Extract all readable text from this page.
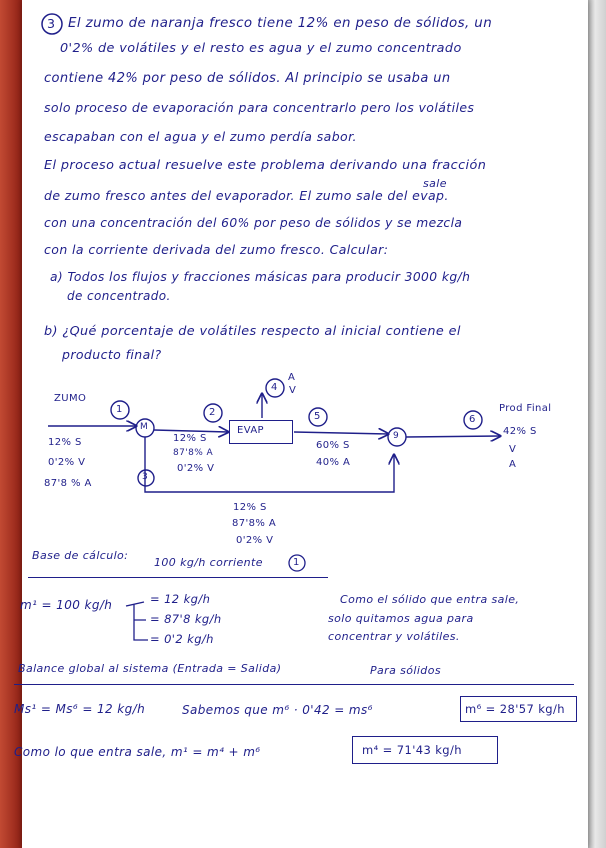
3 El zumo de naranja fresco tiene 12% en peso de sólidos, un
0'2% de volátiles y el resto es agua y el zumo concentrado
contiene 42% por peso de sólidos. Al principio se usaba un
solo proceso de evaporación para concentrarlo pero los volátiles
escapaban con el agua y el zumo perdía sabor.
El proceso actual resuelve este problema derivando una fracción
sale
de zumo fresco antes del evaporador. El zumo sale del evap.
con una concentración del 60% por peso de sólidos y se mezcla
con la corriente derivada del zumo fresco. Calcular:
a) Todos los flujos y fracciones másicas para producir 3000 kg/h
de concentrado.
b) ¿Qué porcentaje de volátiles respecto al inicial contiene el
producto final?
EVAP
M
9
1	2
4
5	6
3
ZUMO
12% S
0'2% V
87'8 % A
12% S
87'8% A
0'2% V
A
V
60% S
40% A
12% S
87'8% A
0'2% V
Prod Final
42% S
V
A
Base de cálculo:
100 kg/h corriente	1
m¹ = 100 kg/h	= 12 kg/h
= 87'8 kg/h
= 0'2 kg/h
Como el sólido que entra sale,
solo quitamos agua para
concentrar y volátiles.
Balance global al sistema (Entrada = Salida)	Para sólidos
Ms¹ = Ms⁶ = 12 kg/h	Sabemos que m⁶ · 0'42 = ms⁶	m⁶ = 28'57 kg/h
Como lo que entra sale, m¹ = m⁴ + m⁶	m⁴ = 71'43 kg/h
